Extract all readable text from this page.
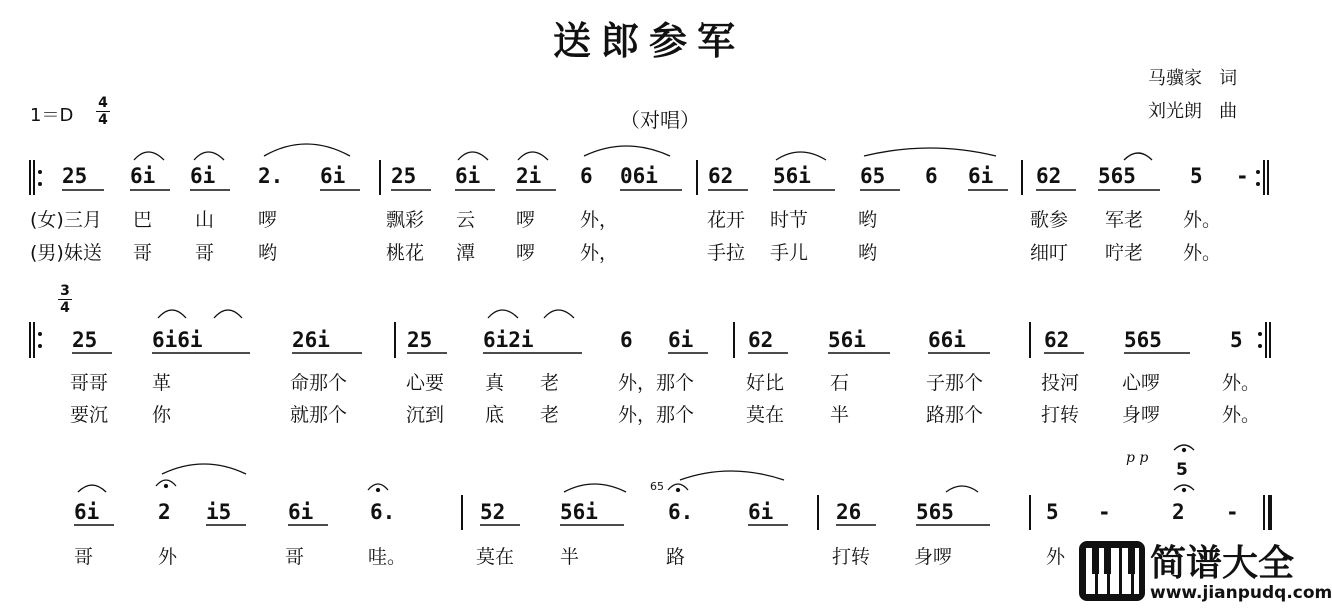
送郎参军
马骥家 词
刘光朗 曲
1＝D
4
4	（对唱）
25 6i 6i 2. 6i 25 6i 2i 6 06i 62 56i 65 6 6i 62 565	5 -
(女)三月 巴 山 啰	飘彩 云 啰 外，	花开 时节	哟	歌参 军老 外。
(男)妹送 哥 哥 哟	桃花 潭 啰 外，	手拉 手儿	哟	细叮 咛老 外。
3
4
25	6i6i	26i	25 6i2i	6 6i	62	56i	66i	62	565	5
哥哥 革	命那个	心要 真 老	外，那个	好比 石	子那个	投河 心啰	外。
要沉 你	就那个	沉到 底 老	外，那个	莫在 半	路那个	打转 身啰	外。
p p
6i	2 i5	6i	6.	52	56i	6.	6i	26	565	5 -	2 -
5
65
哥	外	哥	哇。	莫在 半	路	打转 身啰	外 简谱大全
www.jianpudq.com
